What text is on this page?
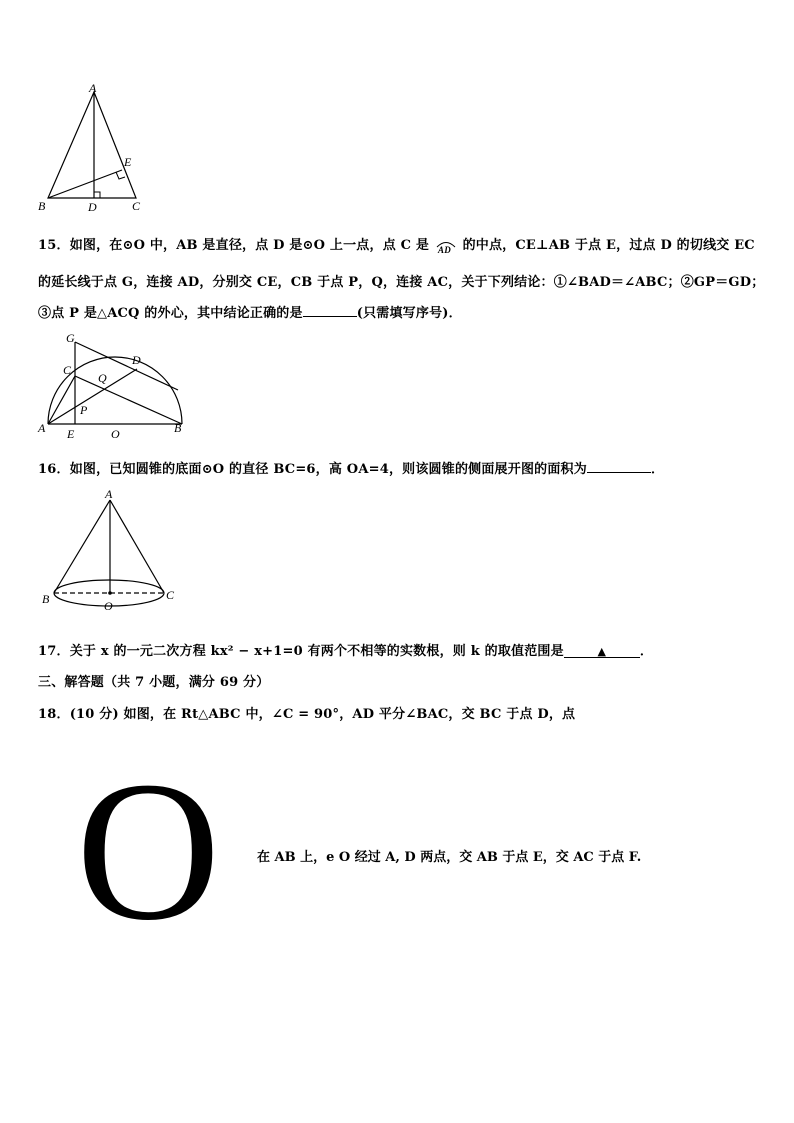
A
E
B	D	C
15．如图，在⊙O 中，AB 是直径，点 D 是⊙O 上一点，点 C 是 AD 的中点，CE⊥AB 于点 E，过点 D 的切线交 EC
的延长线于点 G，连接 AD，分别交 CE，CB 于点 P，Q，连接 AC，关于下列结论：①∠BAD＝∠ABC；②GP＝GD；
③点 P 是△ACQ 的外心，其中结论正确的是	(只需填写序号)．
G
D
C
Q
P
A E	O	B
16．如图，已知圆锥的底面⊙O 的直径 BC=6，高 OA=4，则该圆锥的侧面展开图的面积为	．
A
B	O
C
17．关于 x 的一元二次方程 kx² − x+1=0 有两个不相等的实数根，则 k 的取值范围是	▲	．
三、解答题（共 7 小题，满分 69 分）
18．(10 分) 如图，在 Rt△ABC 中，∠C = 90°，AD 平分∠BAC，交 BC 于点 D，点
O	在 AB 上，e O 经过 A, D 两点，交 AB 于点 E，交 AC 于点 F.
